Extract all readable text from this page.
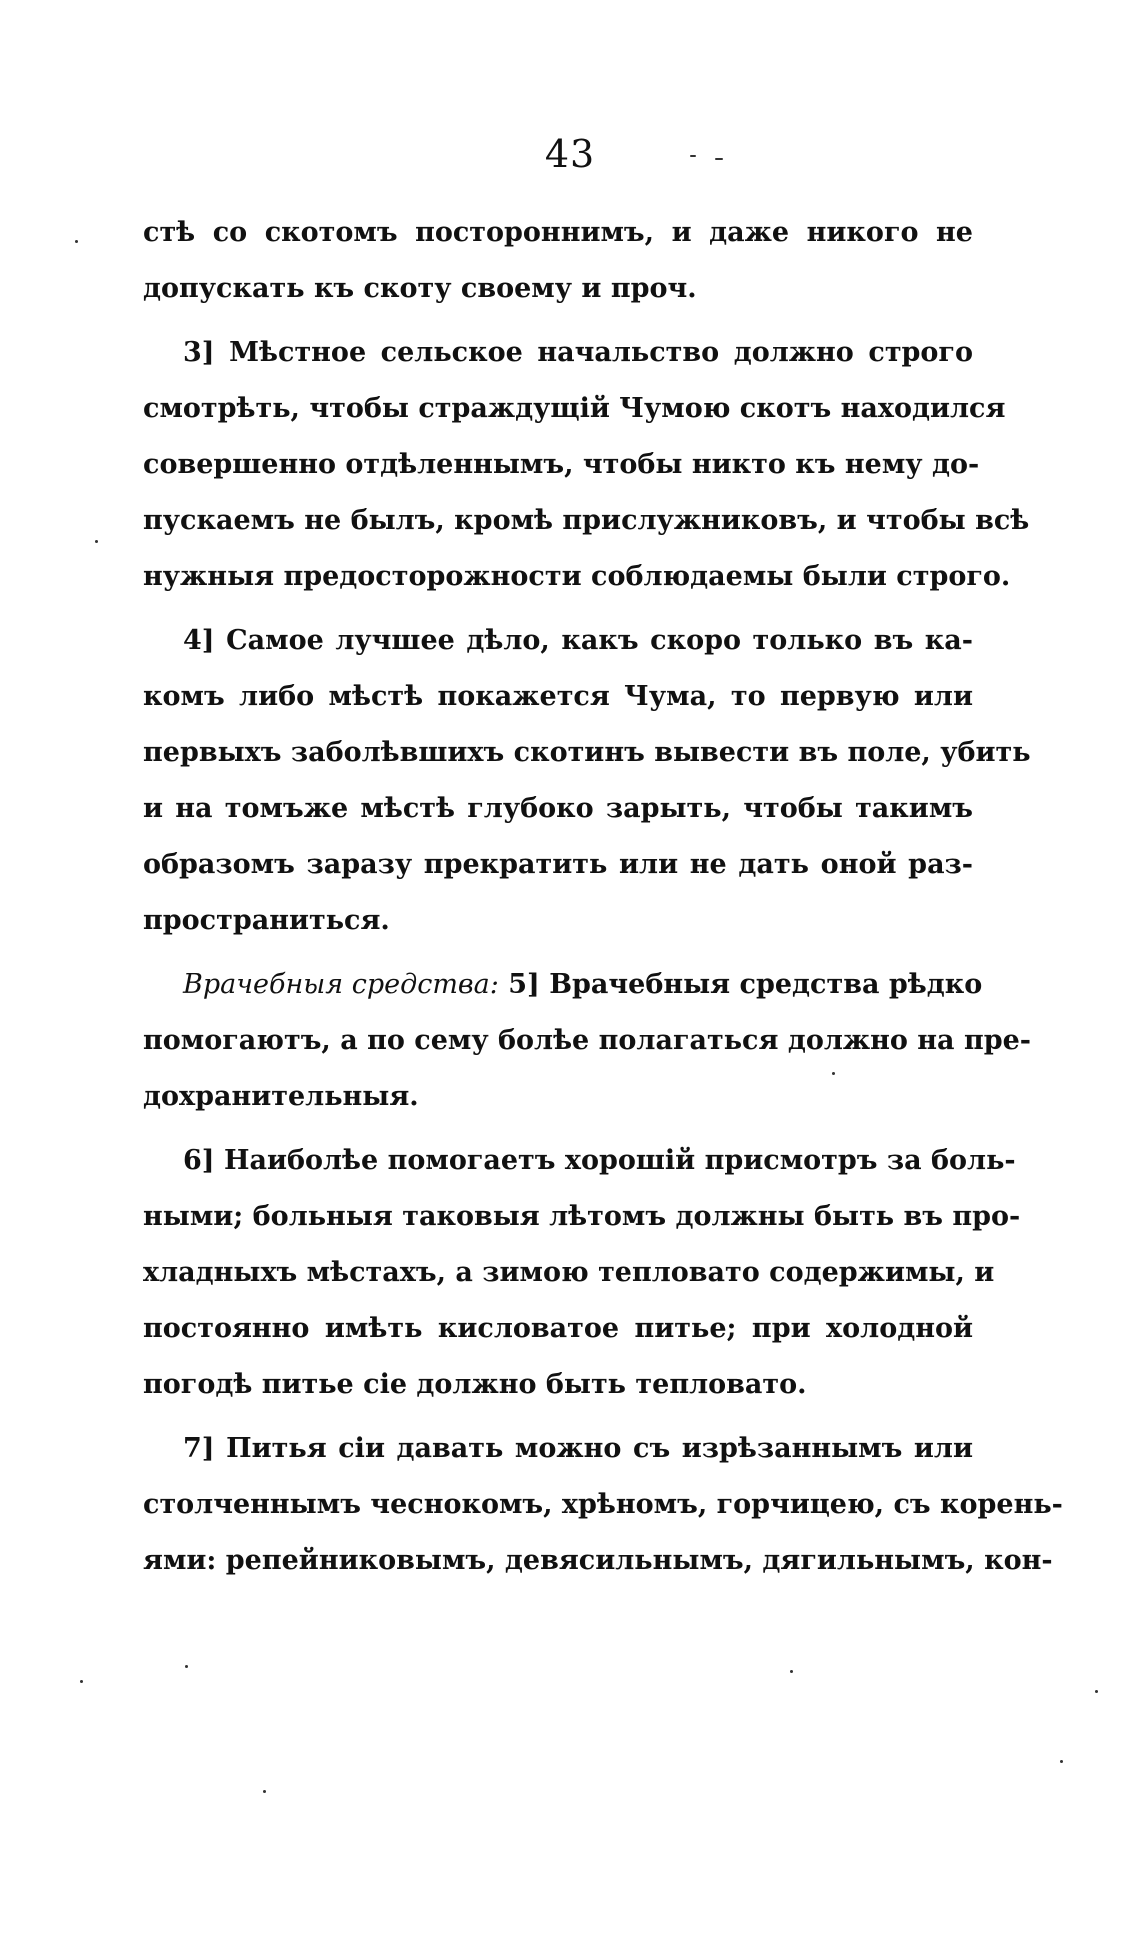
43
стѣ со скотомъ постороннимъ, и даже никого не
допускать къ скоту своему и проч.
3] Мѣстное сельское начальство должно строго
смотрѣть, чтобы страждущій Чумою скотъ находился
совершенно отдѣленнымъ, чтобы никто къ нему до-
пускаемъ не былъ, кромѣ прислужниковъ, и чтобы всѣ
нужныя предосторожности соблюдаемы были строго.
4] Самое лучшее дѣло, какъ скоро только въ ка-
комъ либо мѣстѣ покажется Чума, то первую или
первыхъ заболѣвшихъ скотинъ вывести въ поле, убить
и на томъже мѣстѣ глубоко зарыть, чтобы такимъ
образомъ заразу прекратить или не дать оной раз-
пространиться.
Врачебныя средства: 5] Врачебныя средства рѣдко
помогаютъ, а по сему болѣе полагаться должно на пре-
дохранительныя.
6] Наиболѣе помогаетъ хорошій присмотръ за боль-
ными; больныя таковыя лѣтомъ должны быть въ про-
хладныхъ мѣстахъ, а зимою тепловато содержимы, и
постоянно имѣть кисловатое питье; при холодной
погодѣ питье сіе должно быть тепловато.
7] Питья сіи давать можно съ изрѣзаннымъ или
столченнымъ чеснокомъ, хрѣномъ, горчицею, съ корень-
ями: репейниковымъ, девясильнымъ, дягильнымъ, кон-
